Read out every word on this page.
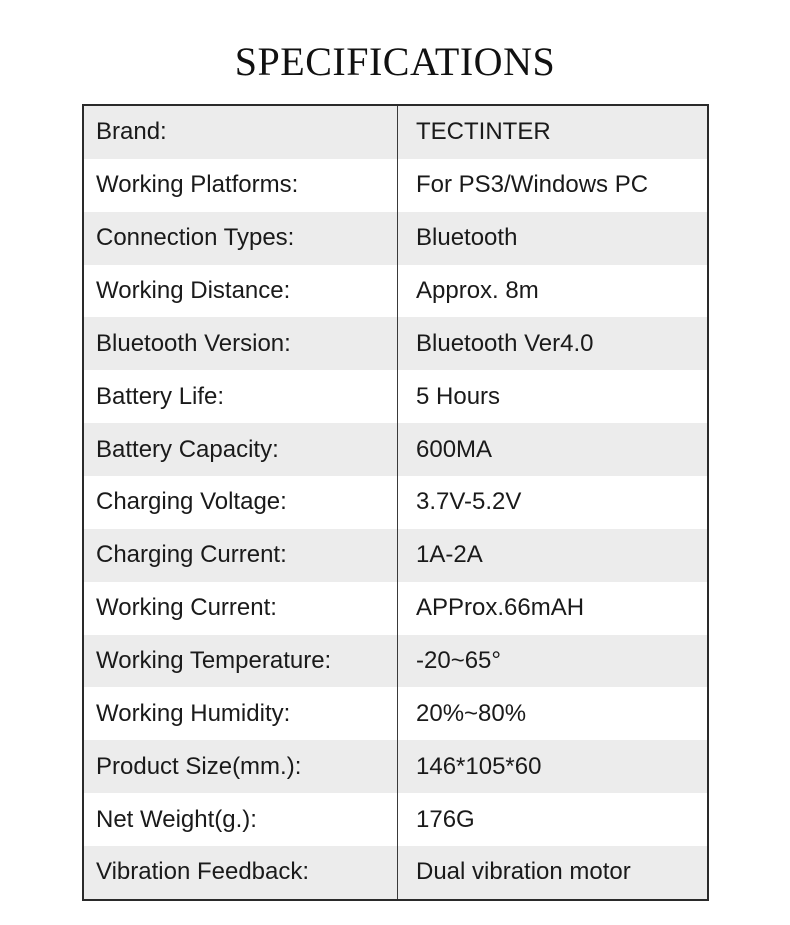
SPECIFICATIONS
Brand:	TECTINTER
Working Platforms:	For PS3/Windows PC
Connection Types:	Bluetooth
Working Distance:	Approx. 8m
Bluetooth Version:	Bluetooth Ver4.0
Battery Life:	5 Hours
Battery Capacity:	600MA
Charging Voltage:	3.7V-5.2V
Charging Current:	1A-2A
Working Current:	APProx.66mAH
Working Temperature:	-20~65°
Working Humidity:	20%~80%
Product Size(mm.):	146*105*60
Net Weight(g.):	176G
Vibration Feedback:	Dual vibration motor
